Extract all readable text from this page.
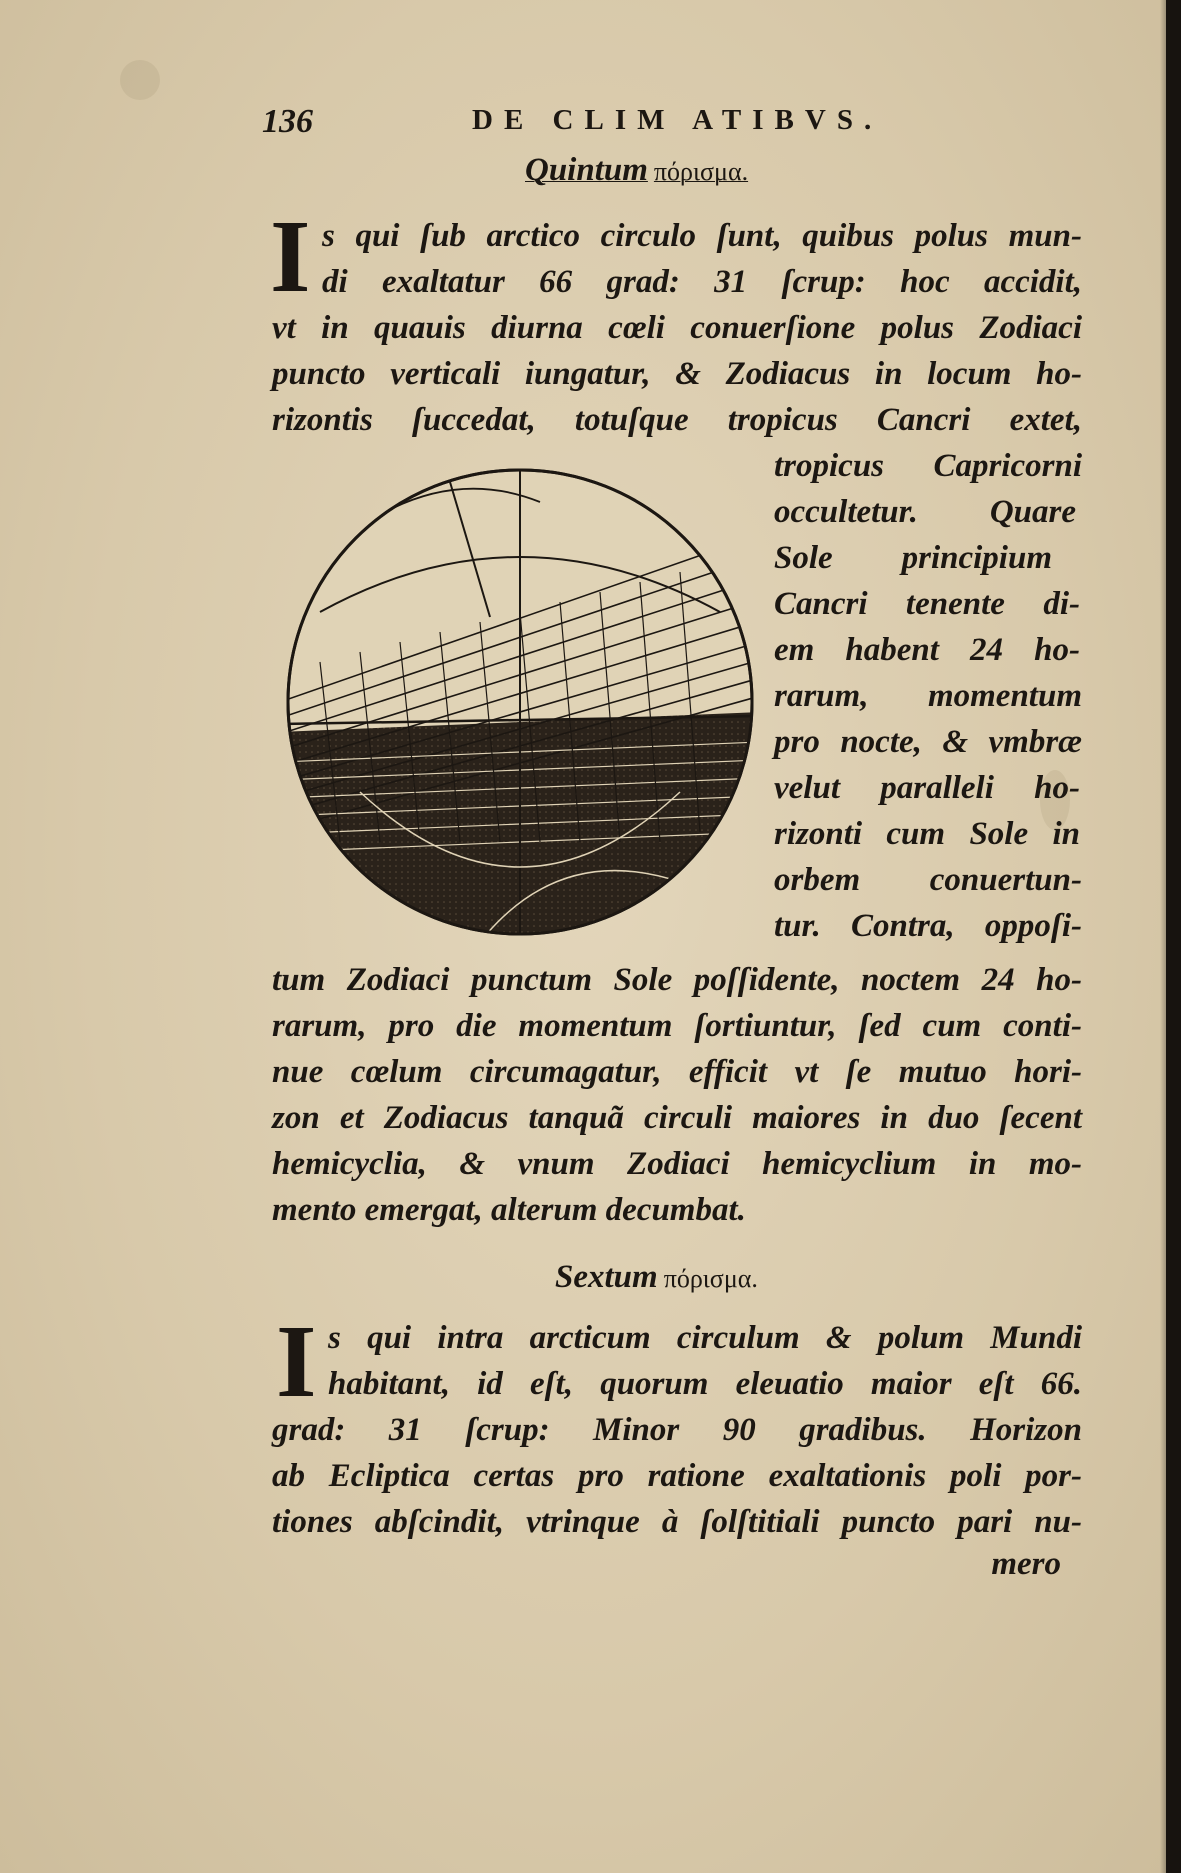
136	DE CLIM ATIBVS.
Quintum πόρισμα.
I s qui ſub arctico circulo ſunt, quibus polus mun-
di exaltatur 66 grad: 31 ſcrup: hoc accidit,
vt in quauis diurna cœli conuerſione polus Zodiaci
puncto verticali iungatur, & Zodiacus in locum ho-
rizontis ſuccedat, totuſque tropicus Cancri extet,
tropicus Capricorni
occultetur. Quare
Sole principium
Cancri tenente di-
em habent 24 ho-
rarum, momentum
pro nocte, & vmbræ
velut paralleli ho-
rizonti cum Sole in
orbem conuertun-
tur. Contra, oppoſi-
tum Zodiaci punctum Sole poſſidente, noctem 24 ho-
rarum, pro die momentum ſortiuntur, ſed cum conti-
nue cœlum circumagatur, efficit vt ſe mutuo hori-
zon et Zodiacus tanquã circuli maiores in duo ſecent
hemicyclia, & vnum Zodiaci hemicyclium in mo-
mento emergat, alterum decumbat.
Sextum πόρισμα.
I s qui intra arcticum circulum & polum Mundi
habitant, id eſt, quorum eleuatio maior eſt 66.
grad: 31 ſcrup: Minor 90 gradibus. Horizon
ab Ecliptica certas pro ratione exaltationis poli por-
tiones abſcindit, vtrinque à ſolſtitiali puncto pari nu-
mero
